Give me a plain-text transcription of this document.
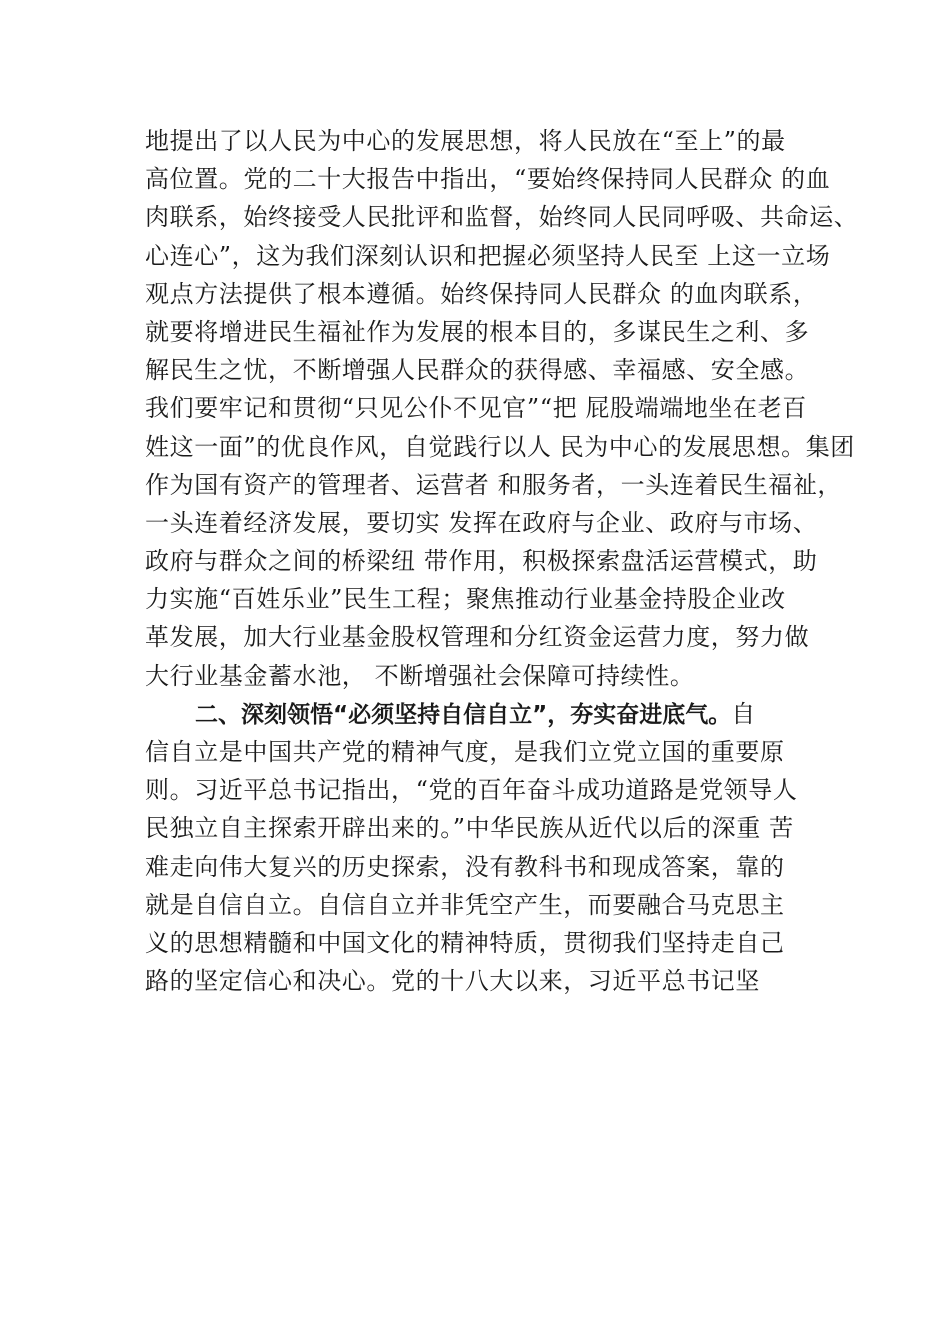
地提出了以人民为中心的发展思想，将人民放在“至上”的最
高位置。党的二十大报告中指出，“要始终保持同人民群众 的血
肉联系，始终接受人民批评和监督，始终同人民同呼吸、共命运、
心连心”，这为我们深刻认识和把握必须坚持人民至 上这一立场
观点方法提供了根本遵循。始终保持同人民群众 的血肉联系，
就要将增进民生福祉作为发展的根本目的，多谋民生之利、多
解民生之忧，不断增强人民群众的获得感、幸福感、安全感。
我们要牢记和贯彻“只见公仆不见官”“把 屁股端端地坐在老百
姓这一面”的优良作风，自觉践行以人 民为中心的发展思想。集团
作为国有资产的管理者、运营者 和服务者，一头连着民生福祉，
一头连着经济发展，要切实 发挥在政府与企业、政府与市场、
政府与群众之间的桥梁纽 带作用，积极探索盘活运营模式，助
力实施“百姓乐业”民生工程；聚焦推动行业基金持股企业改
革发展，加大行业基金股权管理和分红资金运营力度，努力做
大行业基金蓄水池， 不断增强社会保障可持续性。
二、深刻领悟“必须坚持自信自立”，夯实奋进底气。自
信自立是中国共产党的精神气度，是我们立党立国的重要原
则。习近平总书记指出，“党的百年奋斗成功道路是党领导人
民独立自主探索开辟出来的。”中华民族从近代以后的深重 苦
难走向伟大复兴的历史探索，没有教科书和现成答案，靠的
就是自信自立。自信自立并非凭空产生，而要融合马克思主
义的思想精髓和中国文化的精神特质，贯彻我们坚持走自己
路的坚定信心和决心。党的十八大以来，习近平总书记坚
